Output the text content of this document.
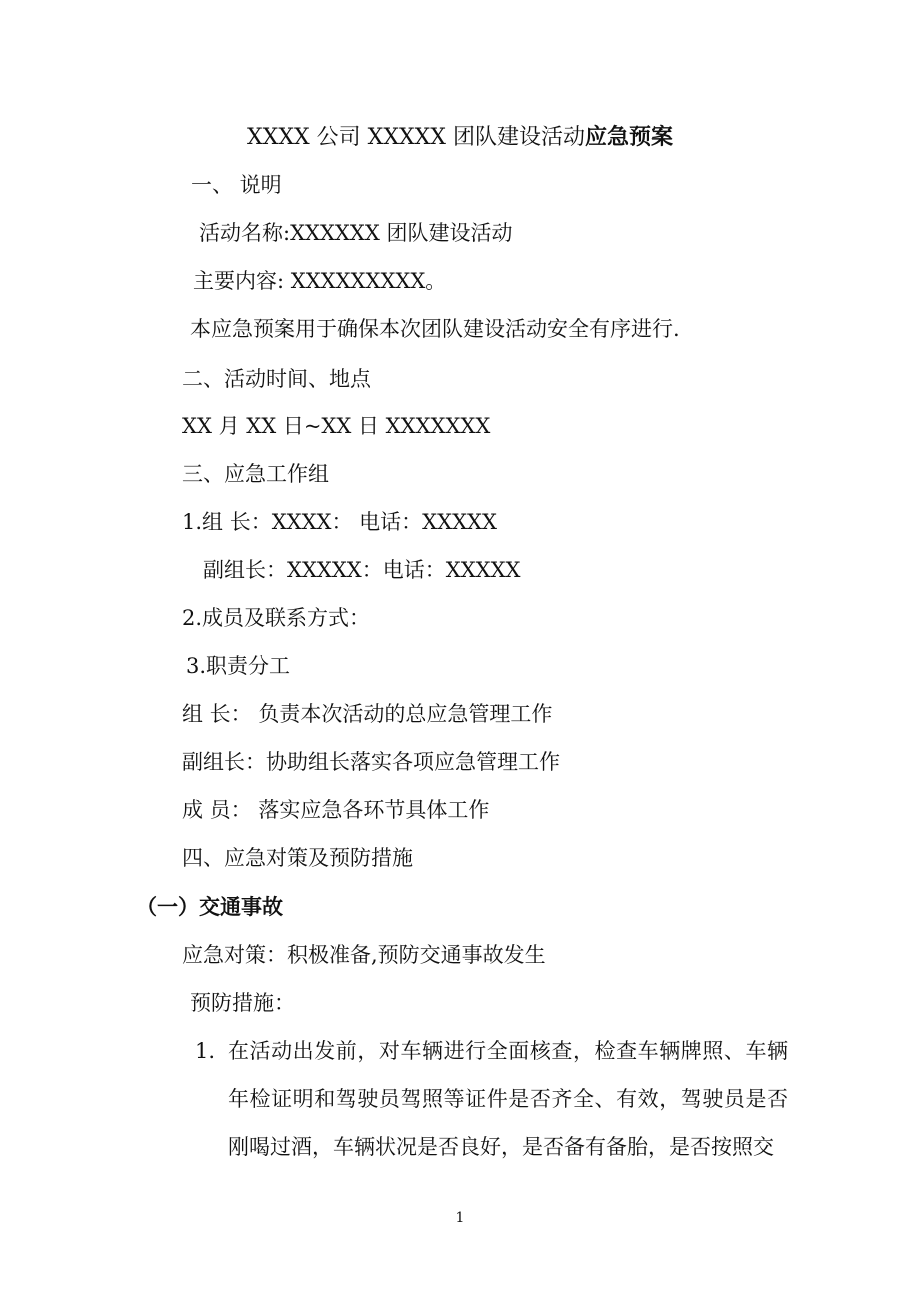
XXXX 公司 XXXXX 团队建设活动应急预案
一、 说明
活动名称:XXXXXX 团队建设活动
主要内容: XXXXXXXXX。
本应急预案用于确保本次团队建设活动安全有序进行.
二、活动时间、地点
XX 月 XX 日~XX 日 XXXXXXX
三、应急工作组
1.组 长：XXXX： 电话：XXXXX
副组长：XXXXX：电话：XXXXX
2.成员及联系方式：
3.职责分工
组 长： 负责本次活动的总应急管理工作
副组长：协助组长落实各项应急管理工作
成 员： 落实应急各环节具体工作
四、应急对策及预防措施
（一）交通事故
应急对策：积极准备,预防交通事故发生
预防措施：
1. 在活动出发前，对车辆进行全面核查，检查车辆牌照、车辆年检证明和驾驶员驾照等证件是否齐全、有效，驾驶员是否刚喝过酒，车辆状况是否良好，是否备有备胎，是否按照交
1
